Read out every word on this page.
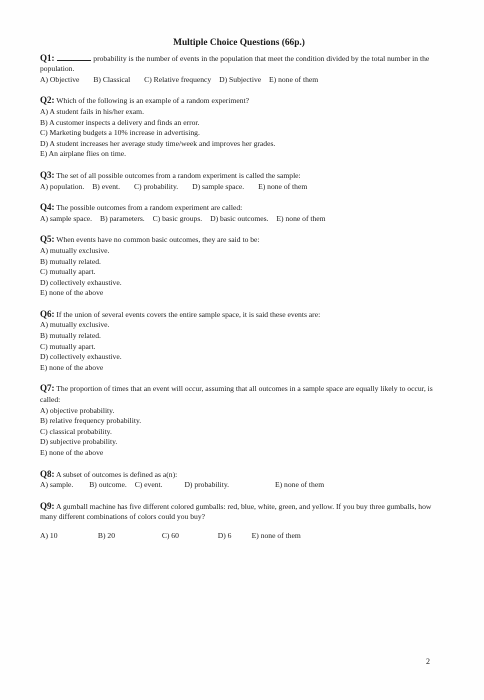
Multiple Choice Questions (66p.)
Q1:	probability is the number of events in the population that meet the condition divided by the total number in the population.
A) Objective B) Classical C) Relative frequency D) Subjective E) none of them
Q2: Which of the following is an example of a random experiment?
A) A student fails in his/her exam.
B) A customer inspects a delivery and finds an error.
C) Marketing budgets a 10% increase in advertising.
D) A student increases her average study time/week and improves her grades.
E) An airplane flies on time.
Q3: The set of all possible outcomes from a random experiment is called the sample:
A) population. B) event. C) probability. D) sample space. E) none of them
Q4: The possible outcomes from a random experiment are called:
A) sample space. B) parameters. C) basic groups. D) basic outcomes. E) none of them
Q5: When events have no common basic outcomes, they are said to be:
A) mutually exclusive.
B) mutually related.
C) mutually apart.
D) collectively exhaustive.
E) none of the above
Q6: If the union of several events covers the entire sample space, it is said these events are:
A) mutually exclusive.
B) mutually related.
C) mutually apart.
D) collectively exhaustive.
E) none of the above
Q7: The proportion of times that an event will occur, assuming that all outcomes in a sample space are equally likely to occur, is called:
A) objective probability.
B) relative frequency probability.
C) classical probability.
D) subjective probability.
E) none of the above
Q8: A subset of outcomes is defined as a(n):
A) sample. B) outcome. C) event.	D) probability.	E) none of them
Q9: A gumball machine has five different colored gumballs: red, blue, white, green, and yellow. If you buy three gumballs, how many different combinations of colors could you buy?
A) 10	B) 20	C) 60	D) 6	E) none of them
2
